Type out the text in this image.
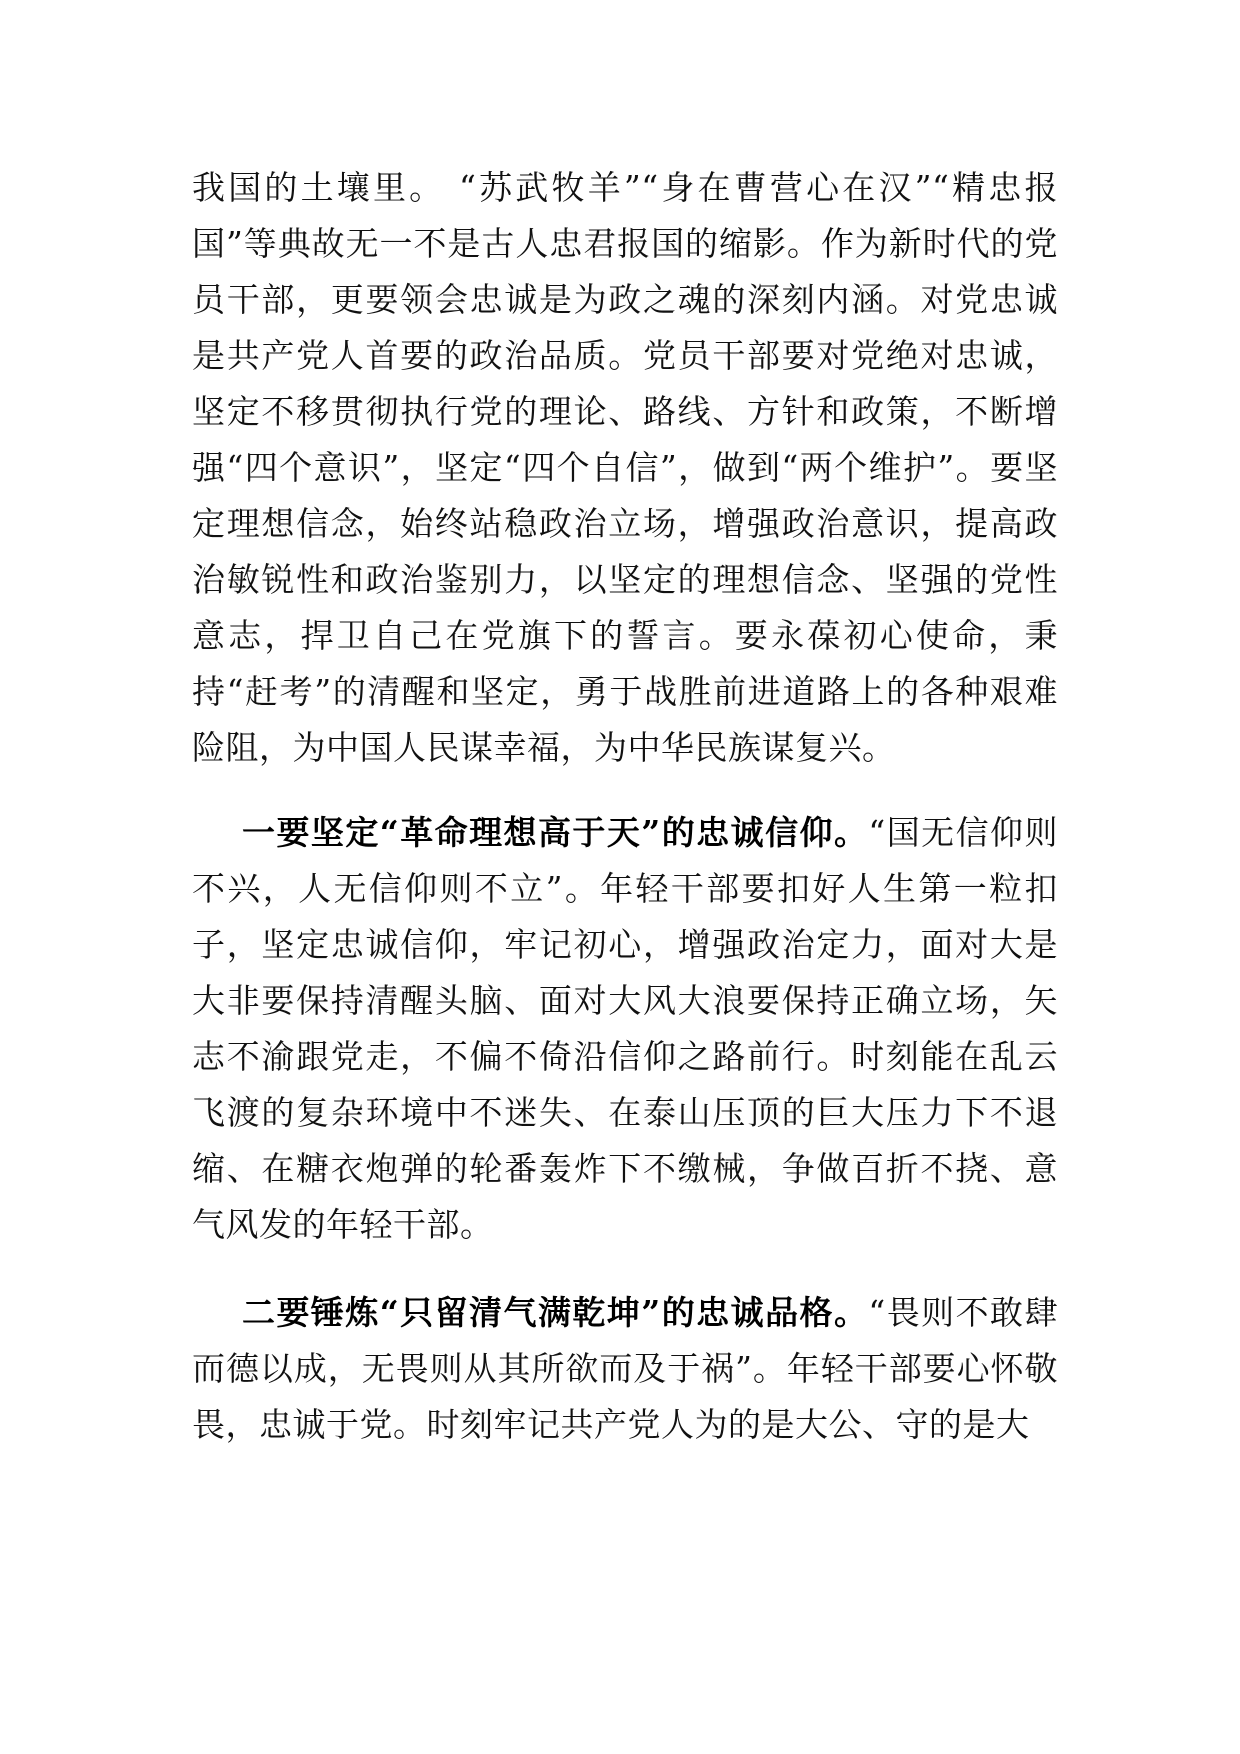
我国的土壤里。 “苏武牧羊”“身在曹营心在汉”“精忠报国”等典故无一不是古人忠君报国的缩影。作为新时代的党员干部，更要领会忠诚是为政之魂的深刻内涵。对党忠诚是共产党人首要的政治品质。党员干部要对党绝对忠诚，坚定不移贯彻执行党的理论、路线、方针和政策，不断增强“四个意识”，坚定“四个自信”，做到“两个维护”。要坚定理想信念，始终站稳政治立场，增强政治意识，提高政治敏锐性和政治鉴别力，以坚定的理想信念、坚强的党性意志，捍卫自己在党旗下的誓言。要永葆初心使命，秉持“赶考”的清醒和坚定，勇于战胜前进道路上的各种艰难险阻，为中国人民谋幸福，为中华民族谋复兴。

一要坚定“革命理想高于天”的忠诚信仰。“国无信仰则不兴，人无信仰则不立”。年轻干部要扣好人生第一粒扣子，坚定忠诚信仰，牢记初心，增强政治定力，面对大是大非要保持清醒头脑、面对大风大浪要保持正确立场，矢志不渝跟党走，不偏不倚沿信仰之路前行。时刻能在乱云飞渡的复杂环境中不迷失、在泰山压顶的巨大压力下不退缩、在糖衣炮弹的轮番轰炸下不缴械，争做百折不挠、意气风发的年轻干部。

二要锤炼“只留清气满乾坤”的忠诚品格。“畏则不敢肆而德以成，无畏则从其所欲而及于祸”。年轻干部要心怀敬畏，忠诚于党。时刻牢记共产党人为的是大公、守的是大
